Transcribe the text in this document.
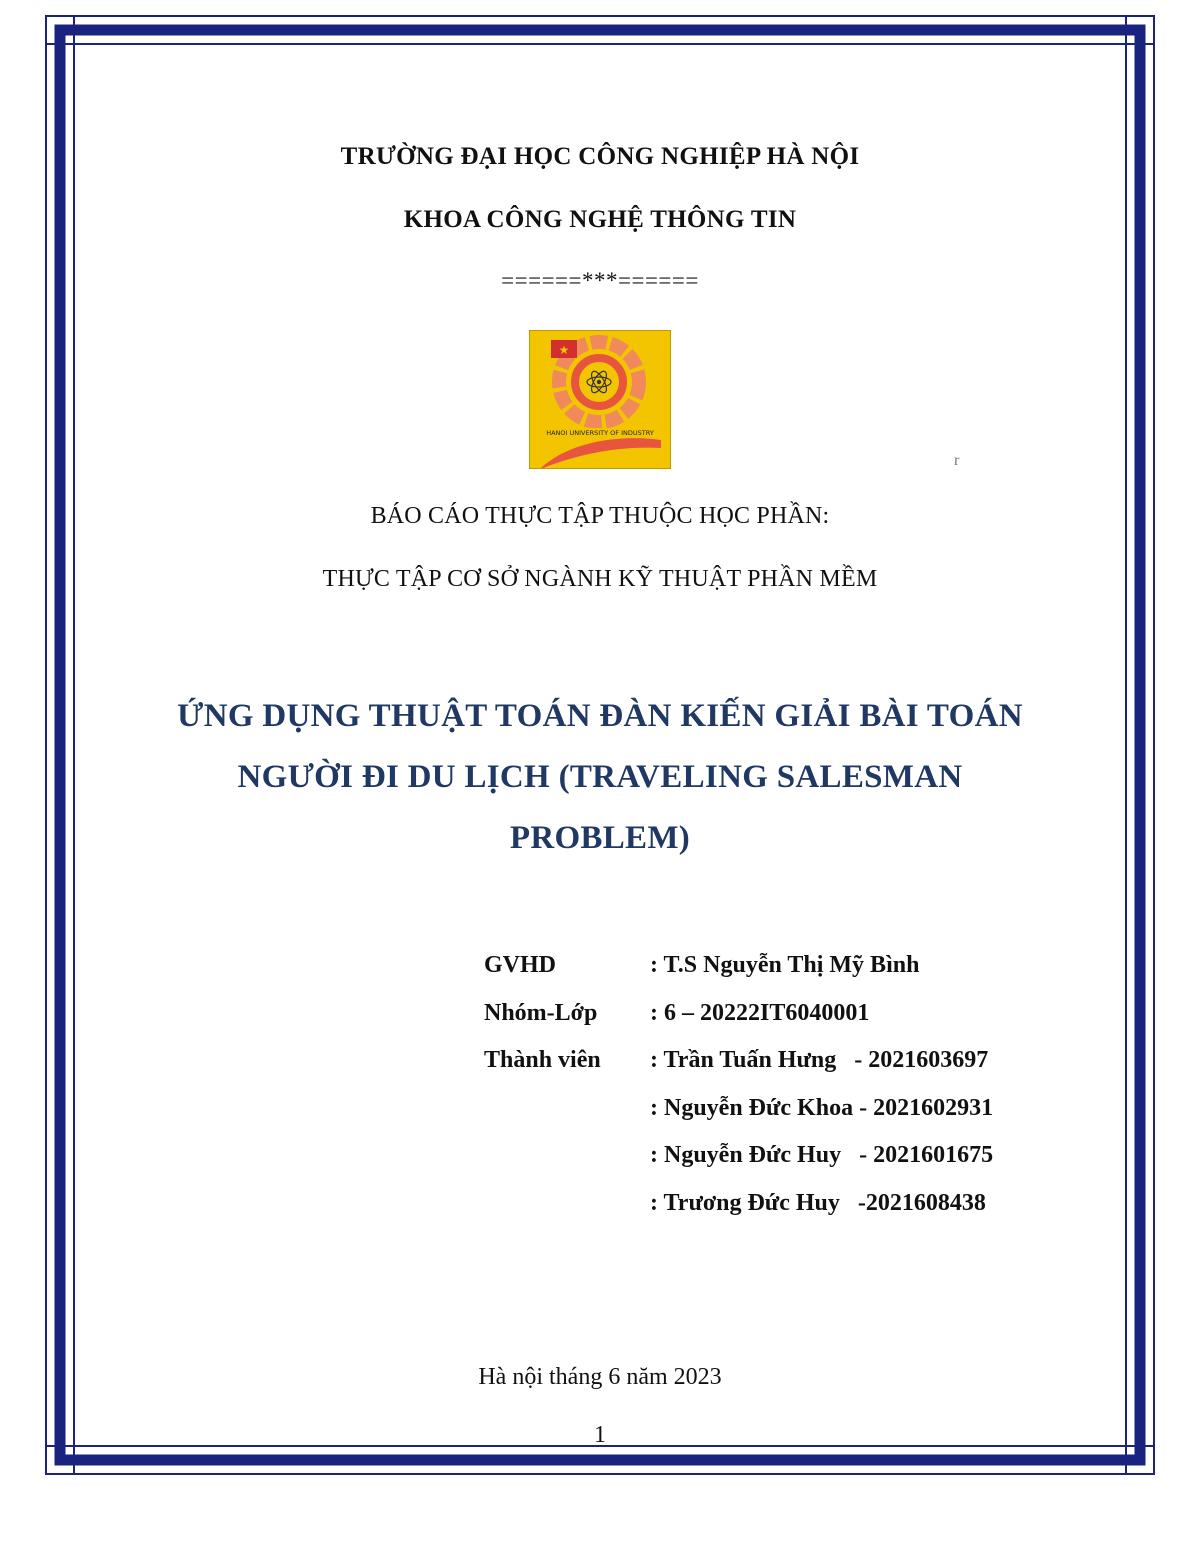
TRƯỜNG ĐẠI HỌC CÔNG NGHIỆP HÀ NỘI
KHOA CÔNG NGHỆ THÔNG TIN
======***======
★
HANOI UNIVERSITY OF INDUSTRY
r
BÁO CÁO THỰC TẬP THUỘC HỌC PHẦN:
THỰC TẬP CƠ SỞ NGÀNH KỸ THUẬT PHẦN MỀM
ỨNG DỤNG THUẬT TOÁN ĐÀN KIẾN GIẢI BÀI TOÁN
NGƯỜI ĐI DU LỊCH (TRAVELING SALESMAN
PROBLEM)
GVHD	: T.S Nguyễn Thị Mỹ Bình
Nhóm-Lớp : 6 – 20222IT6040001
Thành viên : Trần Tuấn Hưng   - 2021603697
: Nguyễn Đức Khoa - 2021602931
: Nguyễn Đức Huy   - 2021601675
: Trương Đức Huy   -2021608438
Hà nội tháng 6 năm 2023
1
